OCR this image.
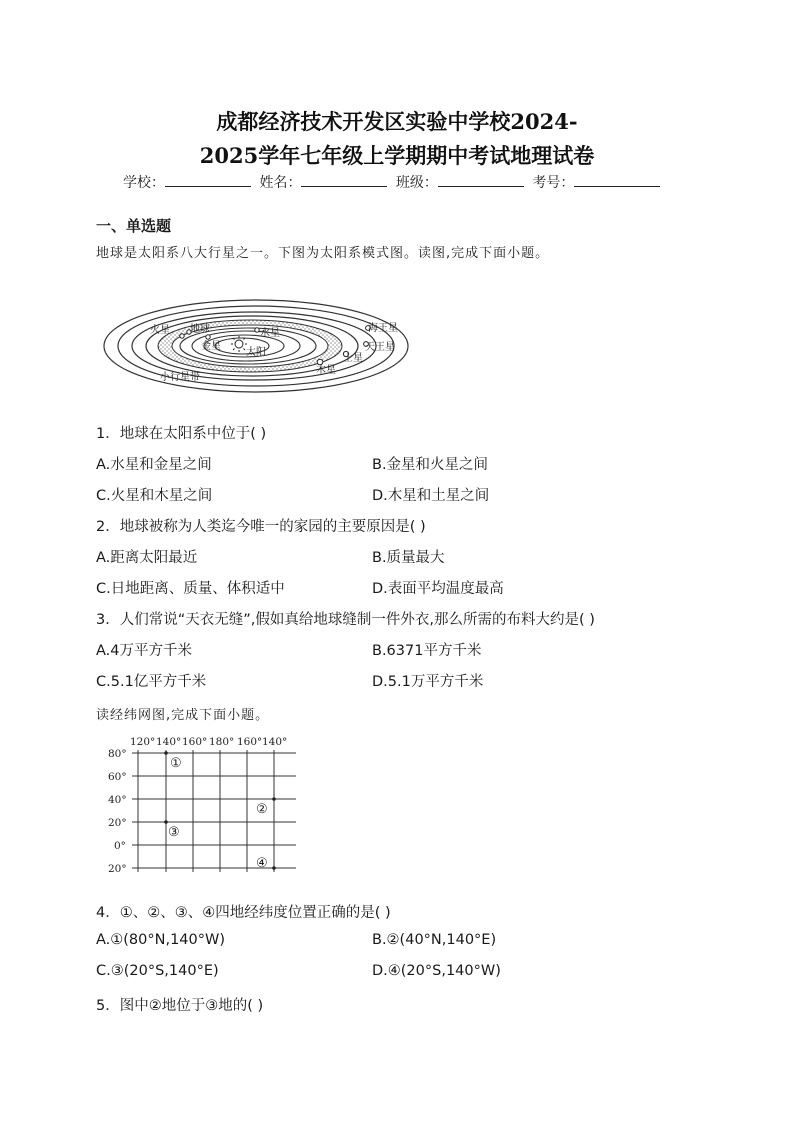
成都经济技术开发区实验中学校2024-
2025学年七年级上学期期中考试地理试卷
学校：	姓名：	班级：	考号：
一、单选题
地球是太阳系八大行星之一。下图为太阳系模式图。读图,完成下面小题。
水星
金星
地球
火星
太阳
小行星带
木星
土星
天王星
海王星
1．地球在太阳系中位于( )
A.水星和金星之间	B.金星和火星之间
C.火星和木星之间	D.木星和土星之间
2．地球被称为人类迄今唯一的家园的主要原因是( )
A.距离太阳最近	B.质量最大
C.日地距离、质量、体积适中	D.表面平均温度最高
3．人们常说“天衣无缝”,假如真给地球缝制一件外衣,那么所需的布料大约是( )
A.4万平方千米	B.6371平方千米
C.5.1亿平方千米	D.5.1万平方千米
读经纬网图,完成下面小题。
120° 140° 160° 180° 160° 140°
80°
60°
40°
20°
0°
20°
①
②
③
④
4．①、②、③、④四地经纬度位置正确的是( )
A.①(80°N,140°W)	B.②(40°N,140°E)
C.③(20°S,140°E)	D.④(20°S,140°W)
5．图中②地位于③地的( )
